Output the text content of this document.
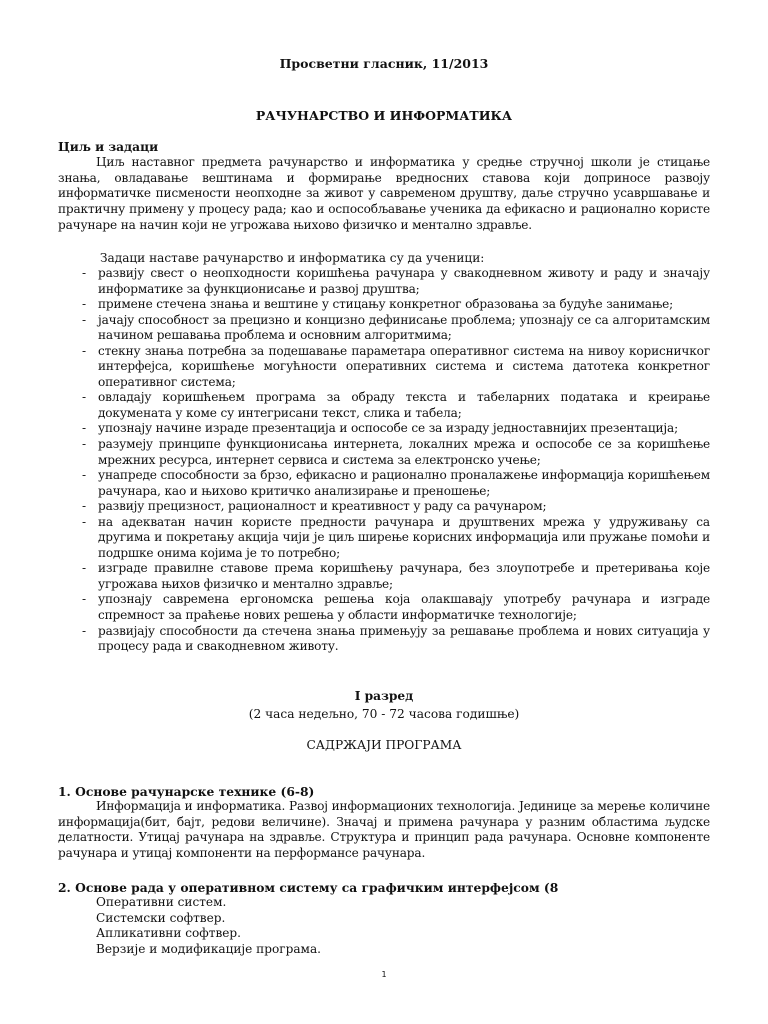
Просветни гласник, 11/2013
РАЧУНАРСТВО И ИНФОРМАТИКА
Циљ и задаци
Циљ наставног предмета рачунарство и информатика у средње стручној школи је стицање знања, овладавање вештинама и формирање вредносних ставова који доприносе развоју информатичке писмености неопходне за живот у савременом друштву, даље стручно усавршавање и практичну примену у процесу рада; као и оспособљавање ученика да ефикасно и рационално користе рачунаре на начин који не угрожава њихово физичко и ментално здравље.
Задаци наставе рачунарство и информатика су да ученици:
- развију свест о неопходности коришћења рачунара у свакодневном животу и раду и значају информатике за функционисање и развој друштва;
- примене стечена знања и вештине у стицању конкретног образовања за будуће занимање;
- јачају способност за прецизно и концизно дефинисање проблема; упознају се са алгоритамским начином решавања проблема и основним алгоритмима;
- стекну знања потребна за подешавање параметара оперативног система на нивоу корисничког интерфејса, коришћење могућности оперативних система и система датотека конкретног оперативног система;
- овладају коришћењем програма за обраду текста и табеларних података и креирање докумената у коме су интегрисани текст, слика и табела;
- упознају начине израде презентација и оспособе се за израду једноставнијих презентација;
- разумеју принципе функционисања интернета, локалних мрежа и оспособе се за коришћење мрежних ресурса, интернет сервиса и система за електронско учење;
- унапреде способности за брзо, ефикасно и рационално проналажење информација коришћењем рачунара, као и њихово критичко анализирање и преношење;
- развију прецизност, рационалност и креативност у раду са рачунаром;
- на адекватан начин користе предности рачунара и друштвених мрежа у удруживању са другима и покретању акција чији је циљ ширење корисних информација или пружање помоћи и подршке онима којима је то потребно;
- изграде правилне ставове према коришћењу рачунара, без злоупотребе и претеривања које угрожава њихов физичко и ментално здравље;
- упознају савремена ергономска решења која олакшавају употребу рачунара и изграде спремност за праћење нових решења у области информатичке технологије;
- развијају способности да стечена знања примењују за решавање проблема и нових ситуација у процесу рада и свакодневном животу.
I разред
(2 часа недељно, 70 - 72 часова годишње)
САДРЖАЈИ ПРОГРАМА
1. Основе рачунарске технике (6-8)
Информација и информатика. Развој информационих технологија. Јединице за мерење количине информација(бит, бајт, редови величине). Значај и примена рачунара у разним областима људске делатности. Утицај рачунара на здравље. Структура и принцип рада рачунара. Основне компоненте рачунара и утицај компоненти на перформансе рачунара.
2. Основе рада у оперативном систему са графичким интерфејсом (8
Оперативни систем.
Системски софтвер.
Апликативни софтвер.
Верзије и модификације програма.
1
